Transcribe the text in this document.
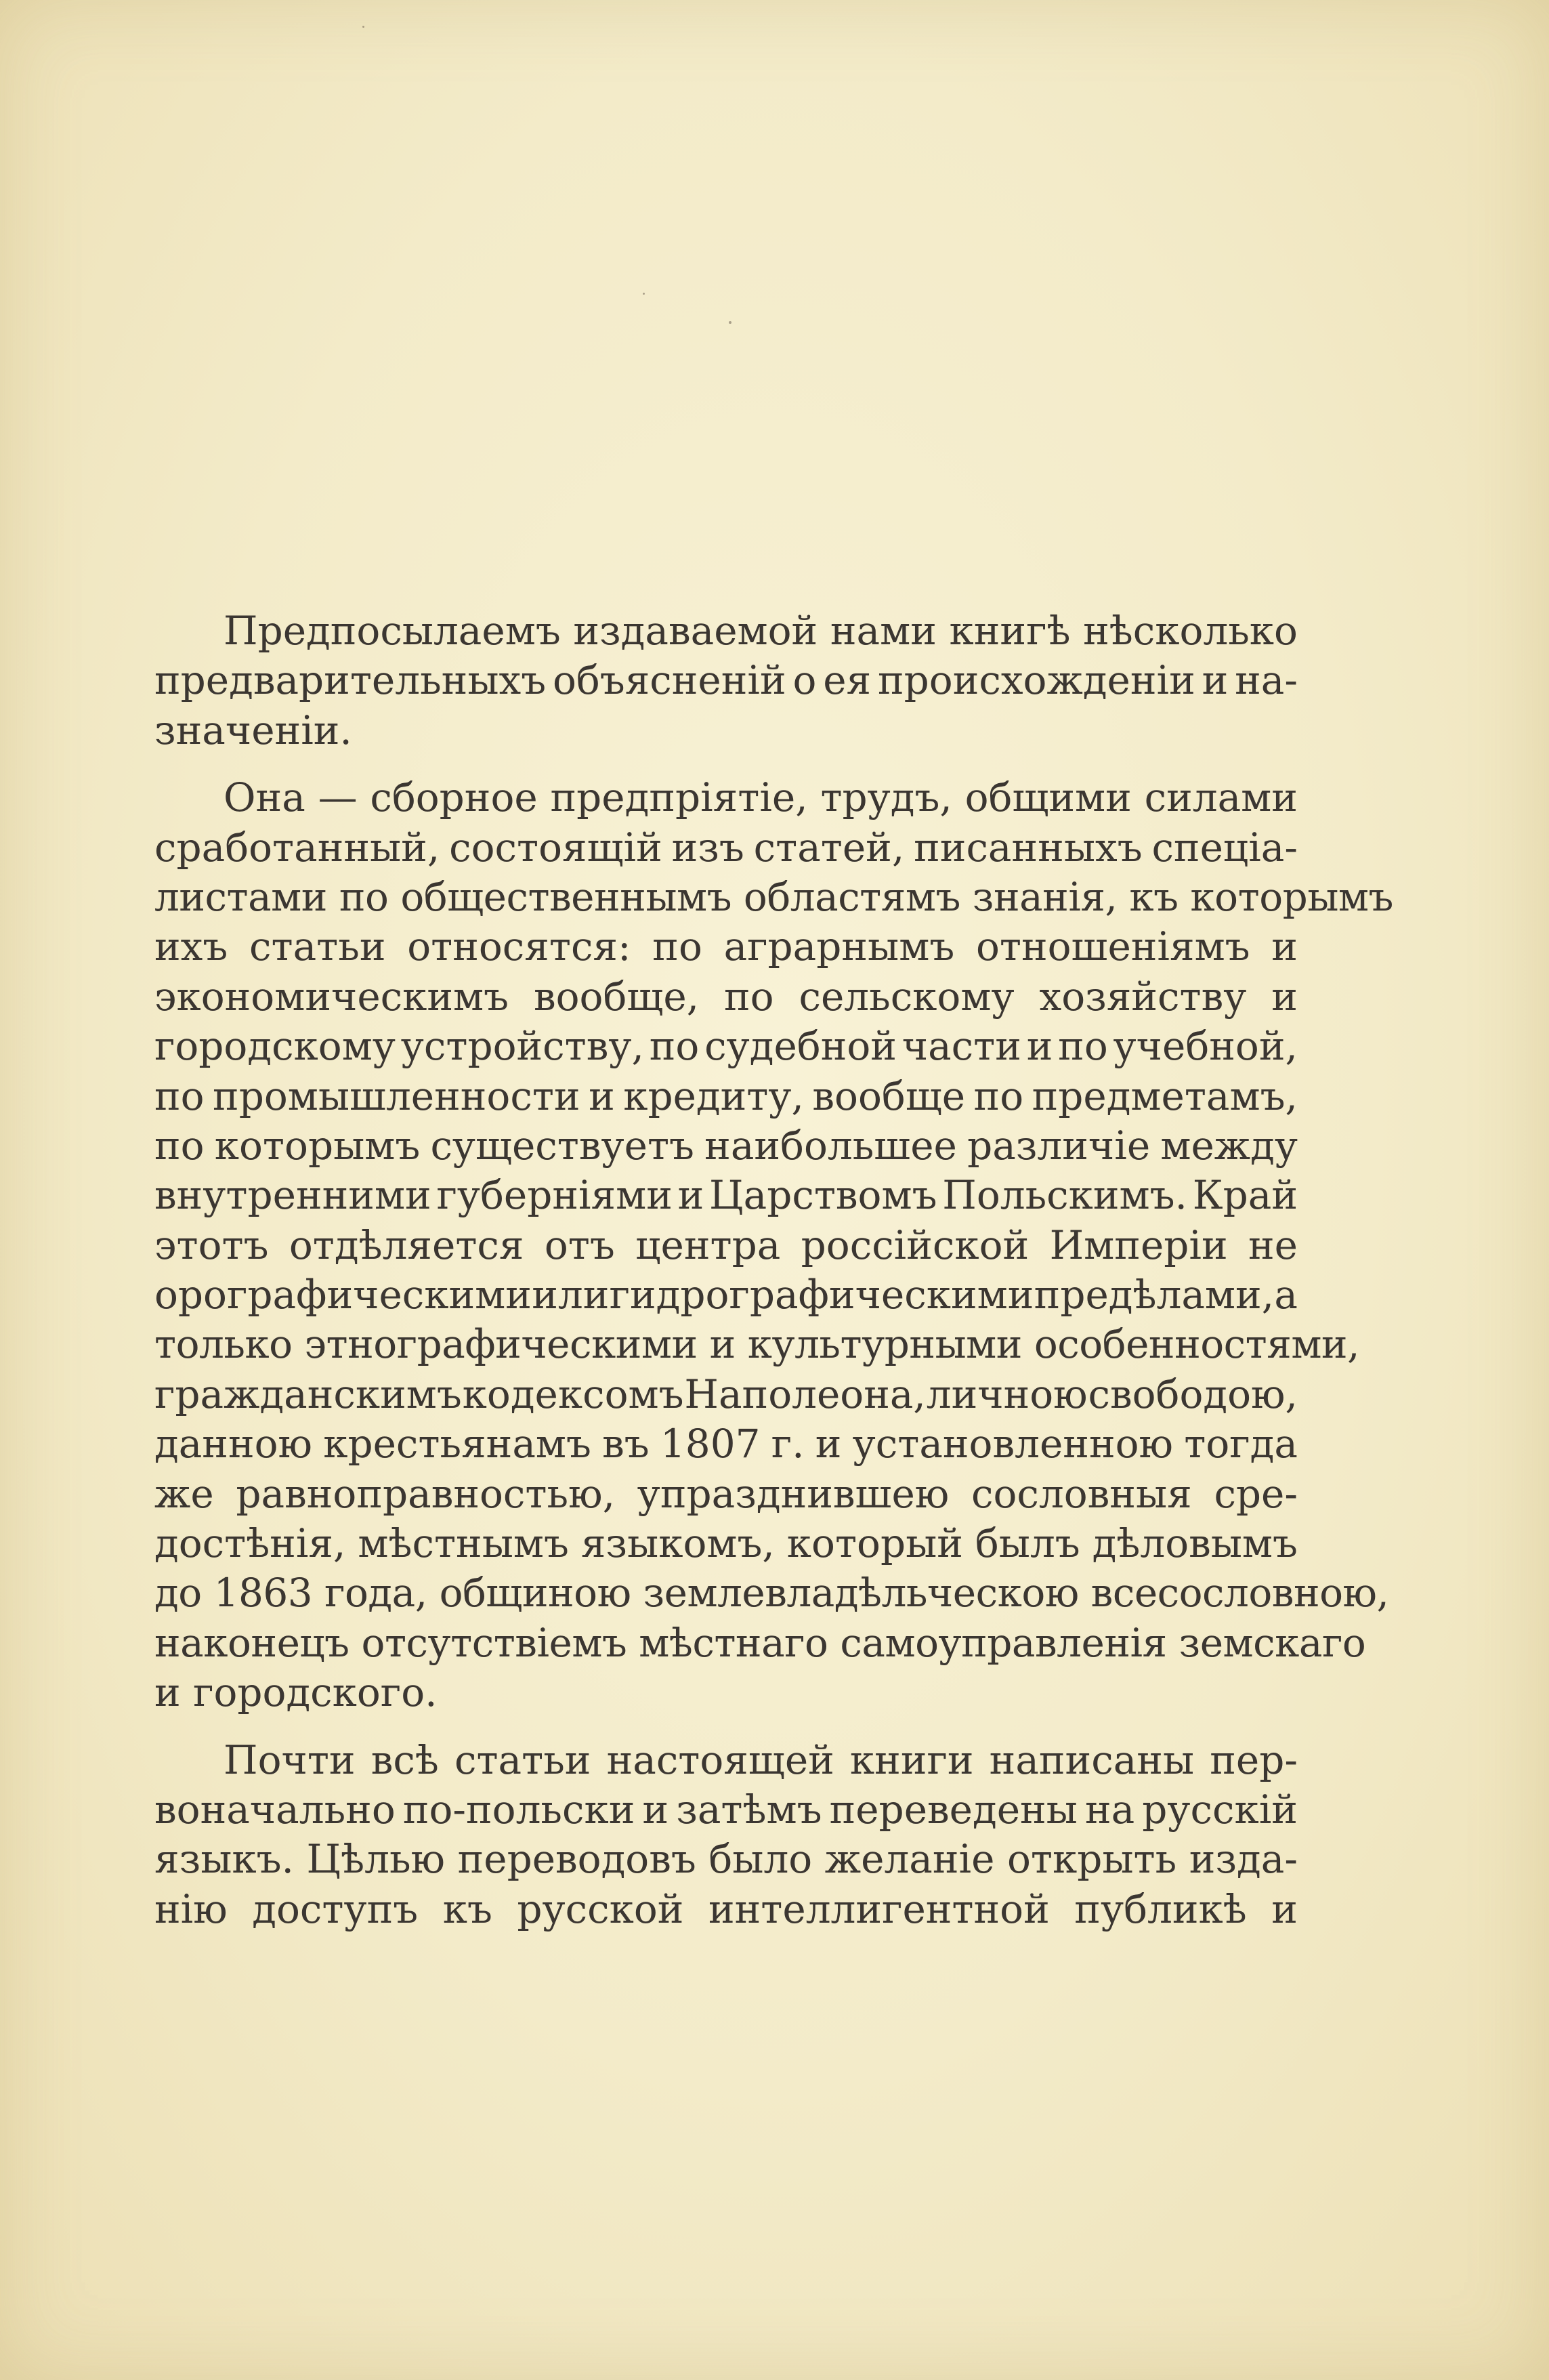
Предпосылаемъ издаваемой нами книгѣ нѣсколько
предварительныхъ объясненій о ея происхожденіи и на-
значеніи.
Она — сборное предпріятіе, трудъ, общими силами
сработанный, состоящій изъ статей, писанныхъ спеціа-
листами по общественнымъ областямъ знанія, къ которымъ
ихъ статьи относятся: по аграрнымъ отношеніямъ и
экономическимъ вообще, по сельскому хозяйству и
городскому устройству, по судебной части и по учебной,
по промышленности и кредиту, вообще по предметамъ,
по которымъ существуетъ наибольшее различіе между
внутренними губерніями и Царствомъ Польскимъ. Край
этотъ отдѣляется отъ центра россійской Имперіи не
орографическимиилигидрографическимипредѣлами,а
только этнографическими и культурными особенностями,
гражданскимъкодексомъНаполеона,личноюсвободою,
данною крестьянамъ въ 1807 г. и установленною тогда
же равноправностью, упразднившею сословныя сре-
достѣнія, мѣстнымъ языкомъ, который былъ дѣловымъ
до 1863 года, общиною землевладѣльческою всесословною,
наконецъ отсутствіемъ мѣстнаго самоуправленія земскаго
и городского.
Почти всѣ статьи настоящей книги написаны пер-
воначально по-польски и затѣмъ переведены на русскій
языкъ. Цѣлью переводовъ было желаніе открыть изда-
нію доступъ къ русской интеллигентной публикѣ и
